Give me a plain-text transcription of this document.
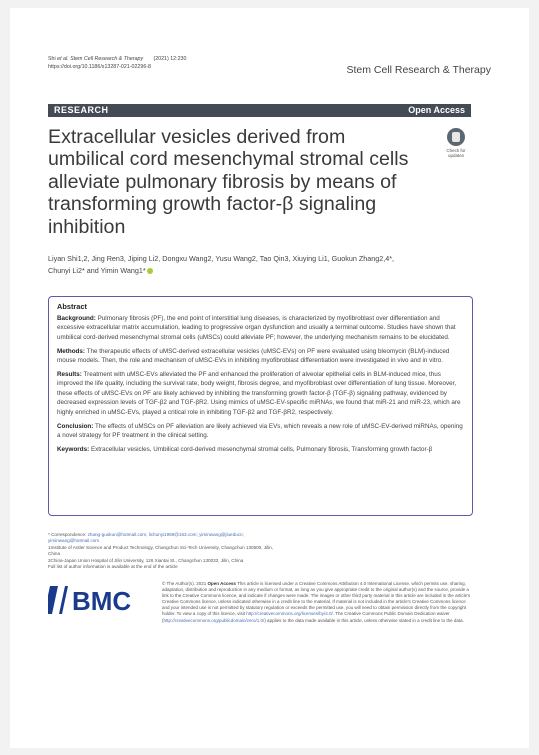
Shi et al. Stem Cell Research & Therapy (2021) 12:230
https://doi.org/10.1186/s13287-021-02296-8	Stem Cell Research & Therapy
RESEARCH	Open Access
Extracellular vesicles derived from umbilical cord mesenchymal stromal cells alleviate pulmonary fibrosis by means of transforming growth factor-β signaling inhibition
Check for updates
Liyan Shi1,2, Jing Ren3, Jiping Li2, Dongxu Wang2, Yusu Wang2, Tao Qin3, Xiuying Li1, Guokun Zhang2,4*,
Chunyi Li2* and Yimin Wang1*
Abstract

Background: Pulmonary fibrosis (PF), the end point of interstitial lung diseases, is characterized by myofibroblast over differentiation and excessive extracellular matrix accumulation, leading to progressive organ dysfunction and usually a terminal outcome. Studies have shown that umbilical cord-derived mesenchymal stromal cells (uMSCs) could alleviate PF; however, the underlying mechanism remains to be elucidated.

Methods: The therapeutic effects of uMSC-derived extracellular vesicles (uMSC-EVs) on PF were evaluated using bleomycin (BLM)-induced mouse models. Then, the role and mechanism of uMSC-EVs in inhibiting myofibroblast differentiation were investigated in vivo and in vitro.

Results: Treatment with uMSC-EVs alleviated the PF and enhanced the proliferation of alveolar epithelial cells in BLM-induced mice, thus improved the life quality, including the survival rate, body weight, fibrosis degree, and myofibroblast over differentiation of lung tissue. Moreover, these effects of uMSC-EVs on PF are likely achieved by inhibiting the transforming growth factor-β (TGF-β) signaling pathway, evidenced by decreased expression levels of TGF-β2 and TGF-βR2. Using mimics of uMSC-EV-specific miRNAs, we found that miR-21 and miR-23, which are highly enriched in uMSC-EVs, played a critical role in inhibiting TGF-β2 and TGF-βR2, respectively.

Conclusion: The effects of uMSCs on PF alleviation are likely achieved via EVs, which reveals a new role of uMSC-EV-derived miRNAs, opening a novel strategy for PF treatment in the clinical setting.

Keywords: Extracellular vesicles, Umbilical cord-derived mesenchymal stromal cells, Pulmonary fibrosis, Transforming growth factor-β

* Correspondence: zhang-guokun@hotmail.com; lichunyi1959@163.com; yiminwang@jlueducn; yiminwang@hotmail.com
1Institute of Antler Science and Product Technology, Changchun Sci-Tech University, Changchun 130600, Jilin, China
2China-Japan Union Hospital of Jilin University, 126 Xiantai St., Changchun 130033, Jilin, China
Full list of author information is available at the end of the article
BMC
© The Author(s). 2021 Open Access This article is licensed under a Creative Commons Attribution 4.0 International License, which permits use, sharing, adaptation, distribution and reproduction in any medium or format, as long as you give appropriate credit to the original author(s) and the source, provide a link to the Creative Commons licence, and indicate if changes were made. The images or other third party material in this article are included in the article's Creative Commons licence, unless indicated otherwise in a credit line to the material. If material is not included in the article's Creative Commons licence and your intended use is not permitted by statutory regulation or exceeds the permitted use, you will need to obtain permission directly from the copyright holder. To view a copy of this licence, visit http://creativecommons.org/licenses/by/4.0/. The Creative Commons Public Domain Dedication waiver (http://creativecommons.org/publicdomain/zero/1.0/) applies to the data made available in this article, unless otherwise stated in a credit line to the data.
